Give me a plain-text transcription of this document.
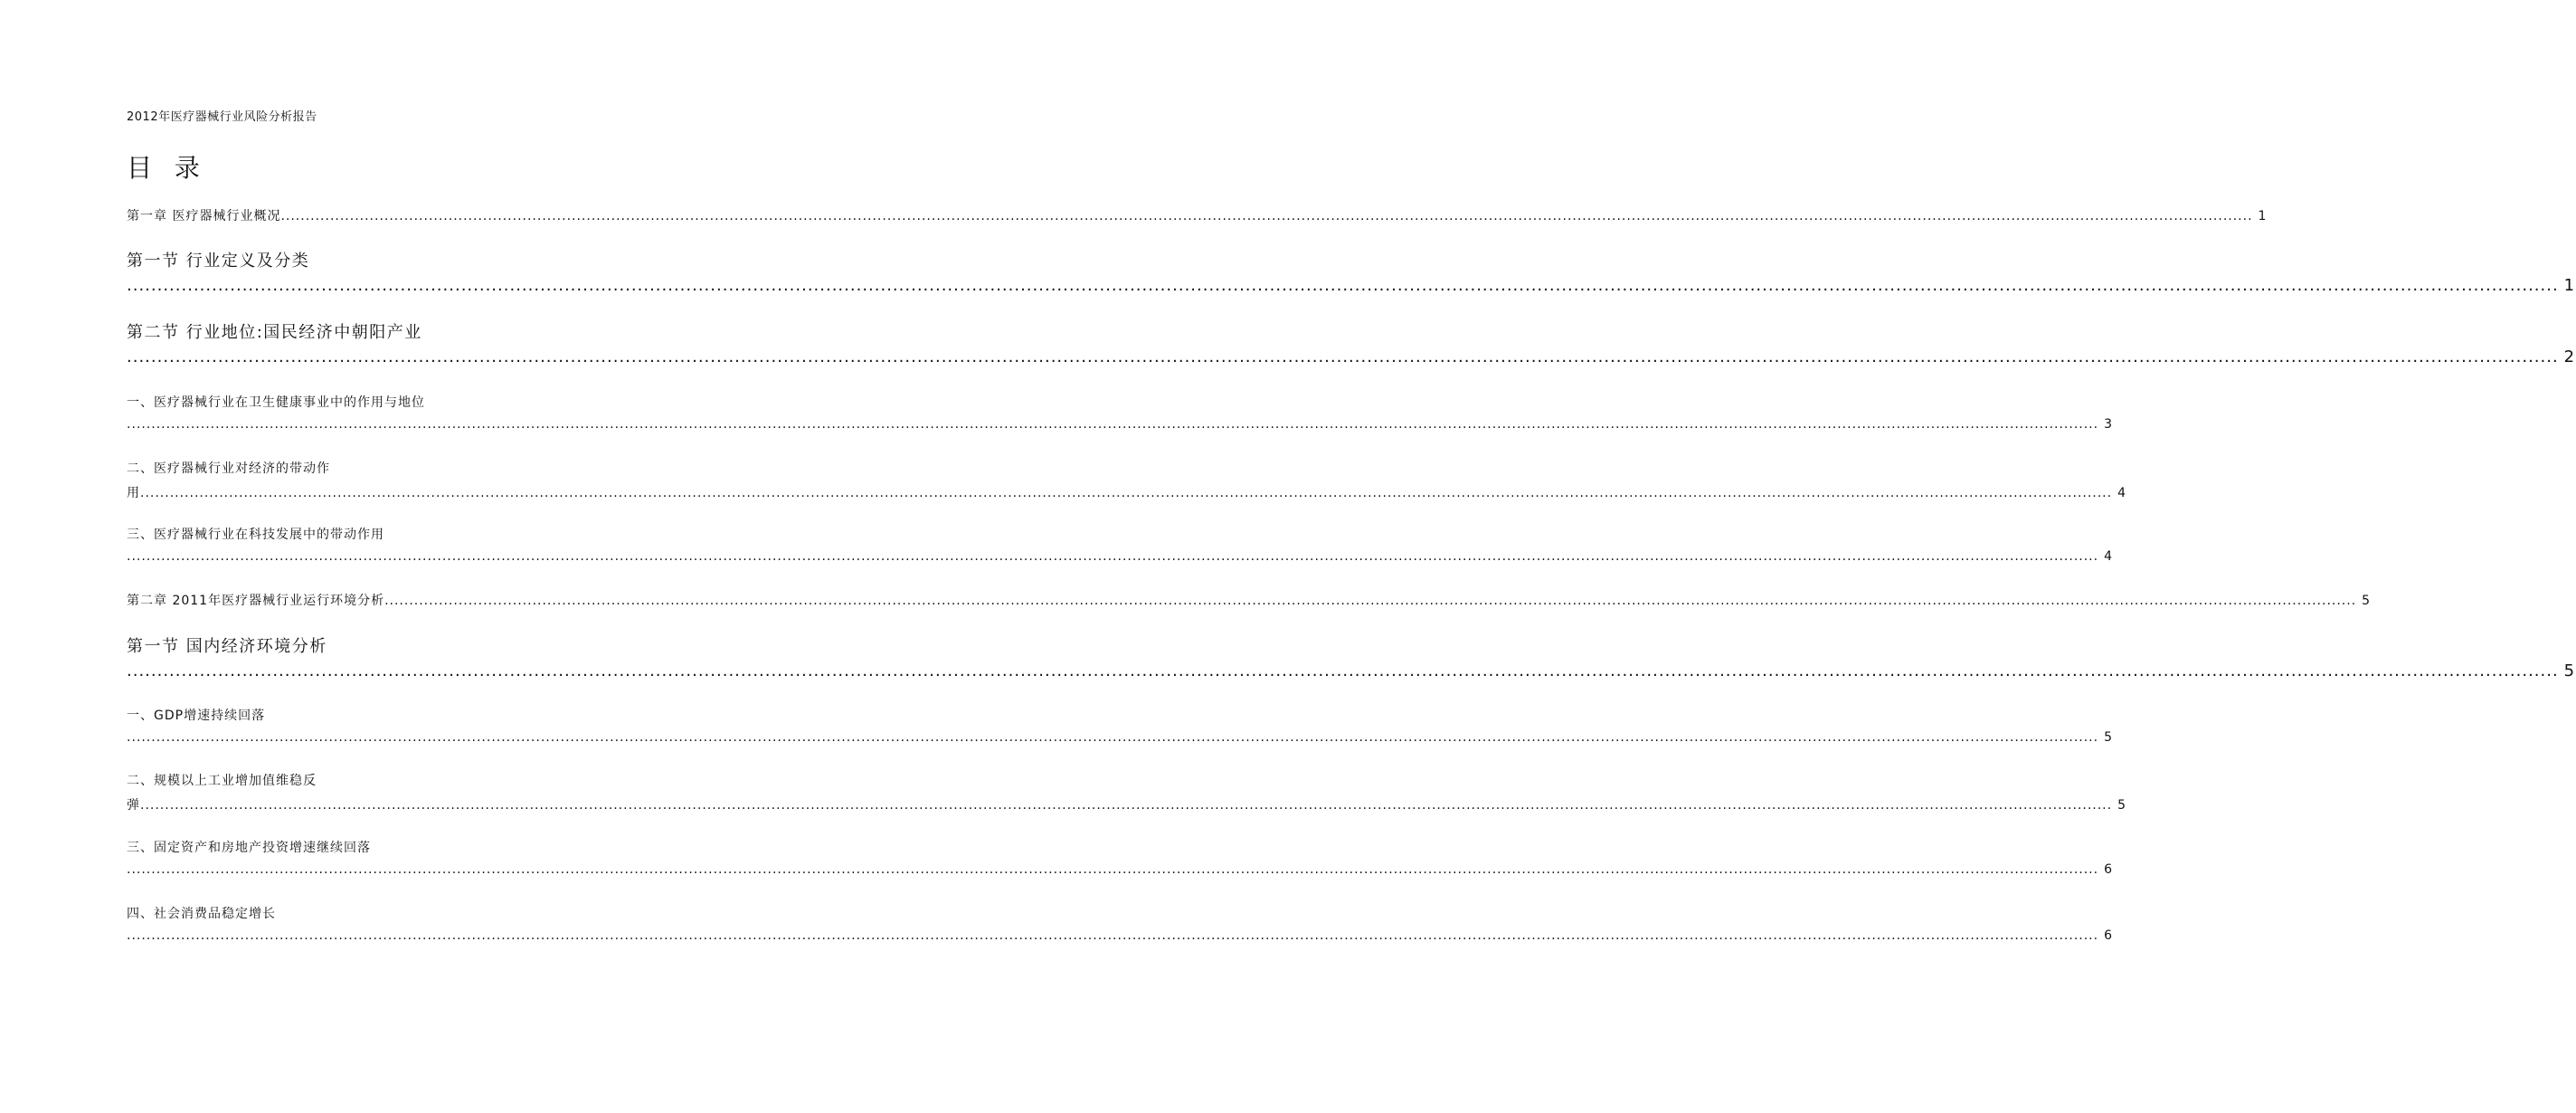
2012年医疗器械行业风险分析报告
目 录
第一章 医疗器械行业概况 ................................................................................................................................................................................................................................................................................................................................................................................................................ 1
第一节 行业定义及分类
................................................................................................................................................................................................................................................................................................................................................................................................................ 1
第二节 行业地位:国民经济中朝阳产业
................................................................................................................................................................................................................................................................................................................................................................................................................ 2
一、医疗器械行业在卫生健康事业中的作用与地位
................................................................................................................................................................................................................................................................................................................................................................................................................ 3
二、医疗器械行业对经济的带动作
用 ................................................................................................................................................................................................................................................................................................................................................................................................................ 4
三、医疗器械行业在科技发展中的带动作用
................................................................................................................................................................................................................................................................................................................................................................................................................ 4
第二章 2011年医疗器械行业运行环境分析 ................................................................................................................................................................................................................................................................................................................................................................................................................ 5
第一节 国内经济环境分析
................................................................................................................................................................................................................................................................................................................................................................................................................ 5
一、GDP增速持续回落
................................................................................................................................................................................................................................................................................................................................................................................................................ 5
二、规模以上工业增加值维稳反
弹 ................................................................................................................................................................................................................................................................................................................................................................................................................ 5
三、固定资产和房地产投资增速继续回落
................................................................................................................................................................................................................................................................................................................................................................................................................ 6
四、社会消费品稳定增长
................................................................................................................................................................................................................................................................................................................................................................................................................ 6
